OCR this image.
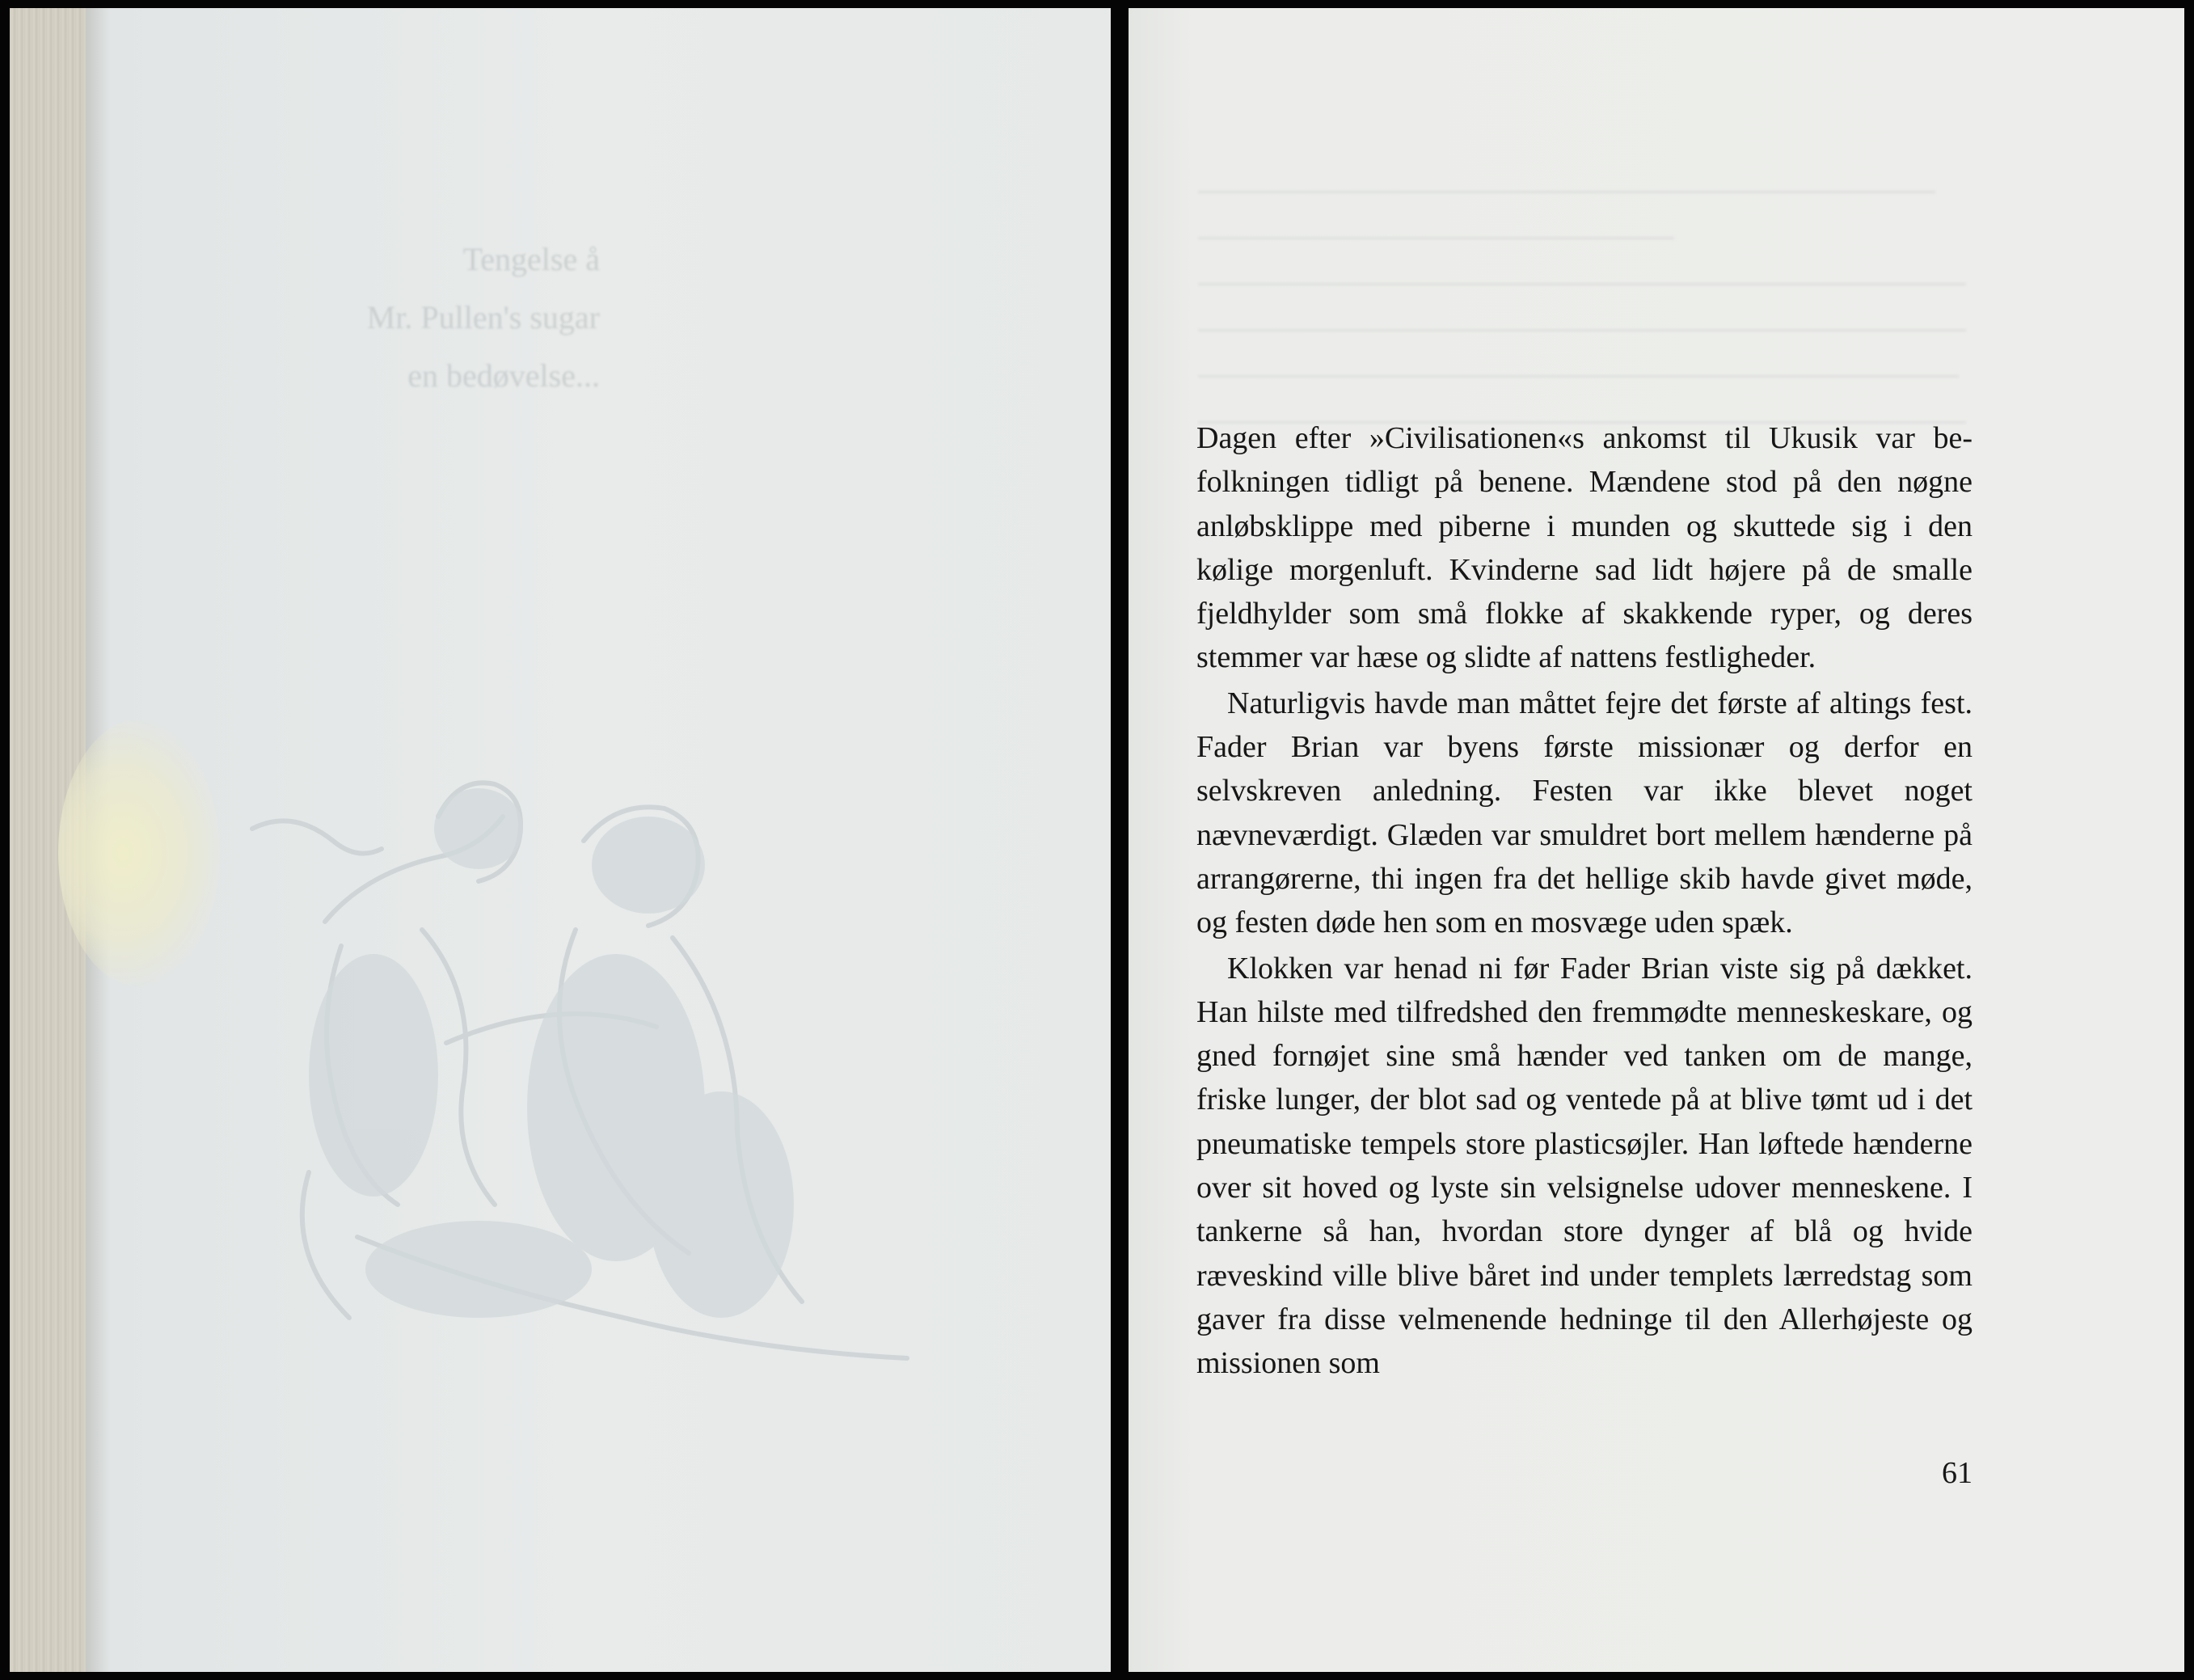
Tengelse å
Mr. Pullen's sugar
en bedøvelse...

Dagen efter »Civilisationen«s ankomst til Ukusik var befolkningen tidligt på benene. Mændene stod på den nøgne anløbsklippe med piberne i munden og skuttede sig i den kølige morgenluft. Kvinderne sad lidt højere på de smalle fjeldhylder som små flokke af skakkende ryper, og deres stemmer var hæse og slidte af nattens festligheder.

Naturligvis havde man måttet fejre det første af altings fest. Fader Brian var byens første missionær og derfor en selvskreven anledning. Festen var ikke blevet noget nævneværdigt. Glæden var smuldret bort mellem hænderne på arrangørerne, thi ingen fra det hellige skib havde givet møde, og festen døde hen som en mosvæge uden spæk.

Klokken var henad ni før Fader Brian viste sig på dækket. Han hilste med tilfredshed den fremmødte menneskeskare, og gned fornøjet sine små hænder ved tanken om de mange, friske lunger, der blot sad og ventede på at blive tømt ud i det pneumatiske tempels store plasticsøjler. Han løftede hænderne over sit hoved og lyste sin velsignelse udover menneskene. I tankerne så han, hvordan store dynger af blå og hvide ræveskind ville blive båret ind under templets lærredstag som gaver fra disse velmenende hedninge til den Allerhøjeste og missionen som

61
